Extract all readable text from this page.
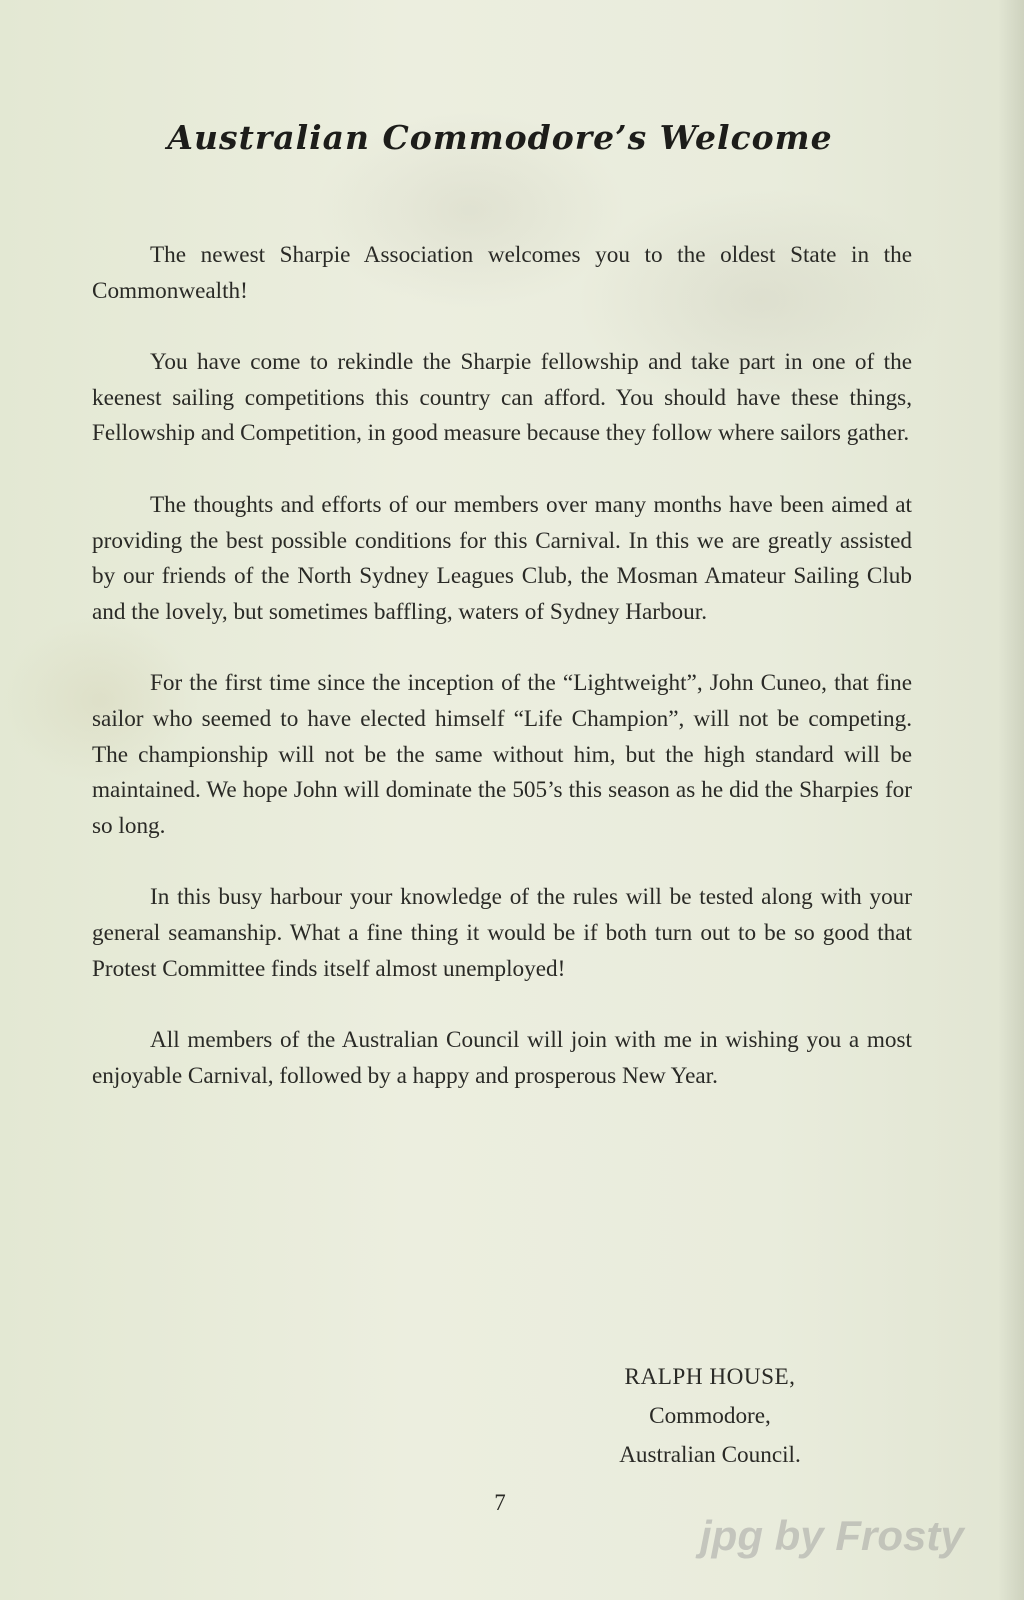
Australian Commodore’s Welcome

The newest Sharpie Association welcomes you to the oldest State in the Commonwealth!

You have come to rekindle the Sharpie fellowship and take part in one of the keenest sailing competitions this country can afford. You should have these things, Fellowship and Competition, in good measure because they follow where sailors gather.

The thoughts and efforts of our members over many months have been aimed at providing the best possible conditions for this Carnival. In this we are greatly assisted by our friends of the North Sydney Leagues Club, the Mosman Amateur Sailing Club and the lovely, but sometimes baffling, waters of Sydney Harbour.

For the first time since the inception of the “Lightweight”, John Cuneo, that fine sailor who seemed to have elected himself “Life Champion”, will not be competing. The championship will not be the same without him, but the high standard will be maintained. We hope John will dominate the 505’s this season as he did the Sharpies for so long.

In this busy harbour your knowledge of the rules will be tested along with your general seamanship. What a fine thing it would be if both turn out to be so good that Protest Committee finds itself almost unemployed!

All members of the Australian Council will join with me in wishing you a most enjoyable Carnival, followed by a happy and prosperous New Year.

RALPH HOUSE,
Commodore,
Australian Council.
7
jpg by Frosty
